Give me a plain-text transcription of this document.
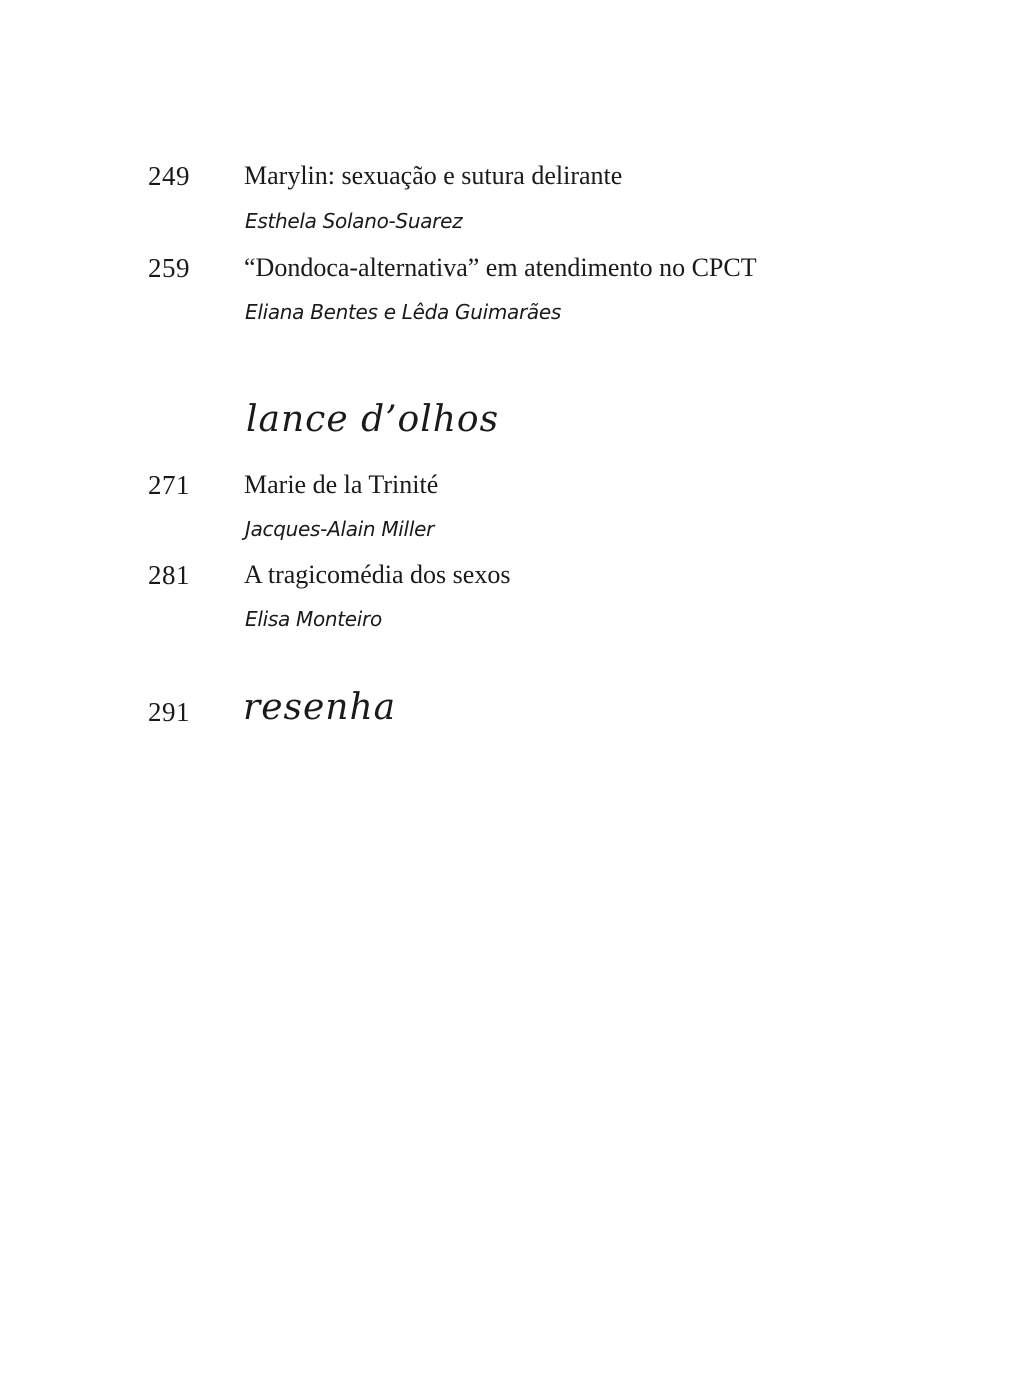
249 Marylin: sexuação e sutura delirante
Esthela Solano-Suarez
259 “Dondoca-alternativa” em atendimento no CPCT
Eliana Bentes e Lêda Guimarães
lance d’olhos
271 Marie de la Trinité
Jacques-Alain Miller
281 A tragicomédia dos sexos
Elisa Monteiro
291 resenha
